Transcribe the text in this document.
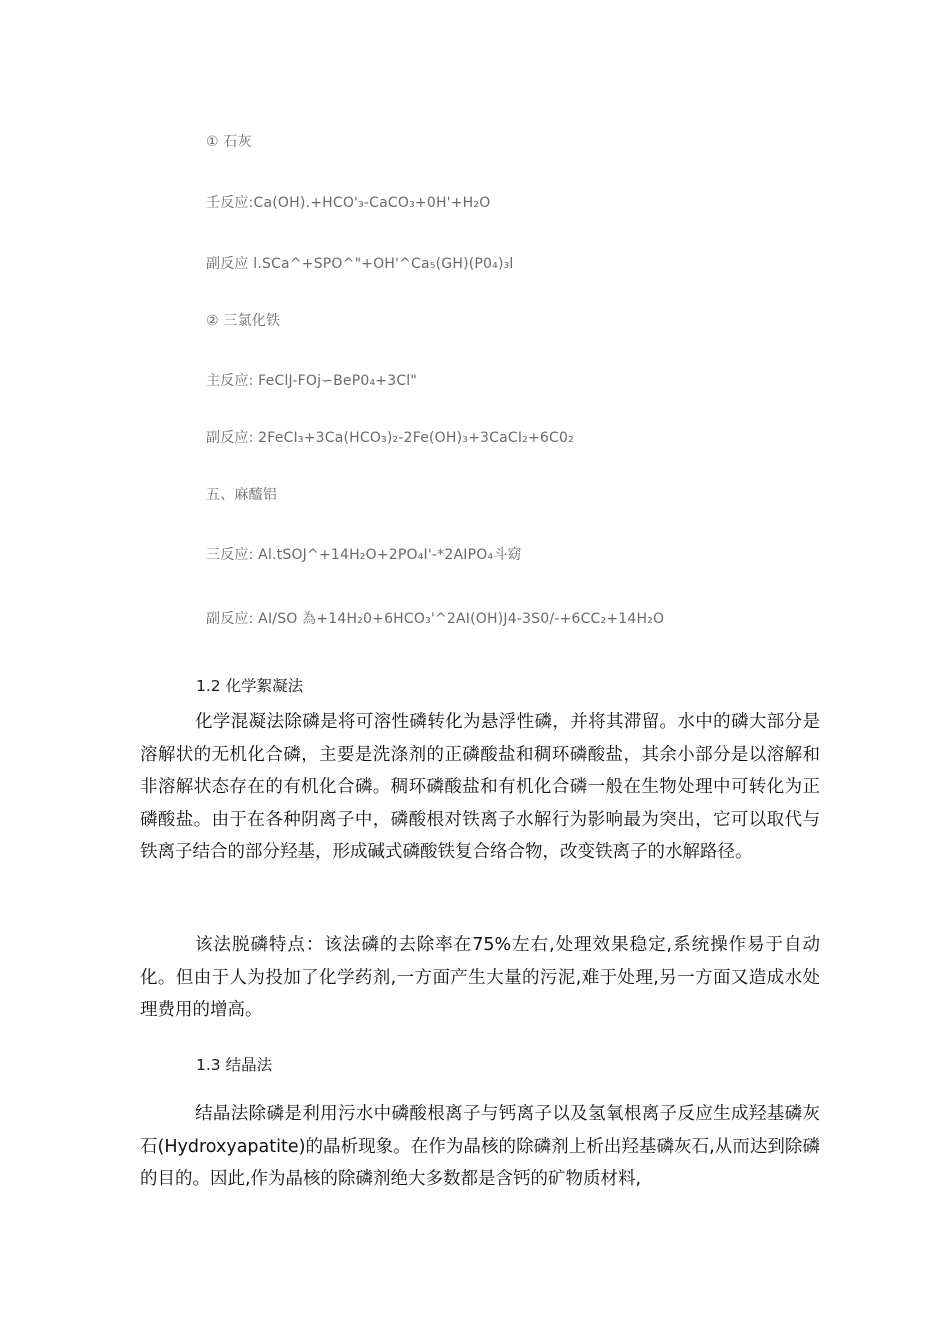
① 石灰
壬反应:Ca(OH).+HCO'₃-CaCO₃+0H'+H₂O
副反应 l.SCa^+SPO^"+OH'^Ca₅(GH)(P0₄)₃l
② 三氯化铁
主反应: FeClJ-FOj∽BeP0₄+3Cl"
副反应: 2FeCI₃+3Ca(HCO₃)₂-2Fe(OH)₃+3CaCI₂+6C0₂
五、麻醯铝
三反应: Al.tSOJ^+14H₂O+2PO₄Ⅰ'-*2AIPO₄斗窈
副反应: AI/SO 為+14H₂0+6HCO₃'^2AI(OH)J4-3S0/-+6CC₂+14H₂O
1.2 化学絮凝法

化学混凝法除磷是将可溶性磷转化为悬浮性磷，并将其滞留。水中的磷大部分是溶解状的无机化合磷，主要是洗涤剂的正磷酸盐和稠环磷酸盐，其余小部分是以溶解和非溶解状态存在的有机化合磷。稠环磷酸盐和有机化合磷一般在生物处理中可转化为正磷酸盐。由于在各种阴离子中，磷酸根对铁离子水解行为影响最为突出，它可以取代与铁离子结合的部分羟基，形成碱式磷酸铁复合络合物，改变铁离子的水解路径。

该法脱磷特点：该法磷的去除率在75%左右,处理效果稳定,系统操作易于自动化。但由于人为投加了化学药剂,一方面产生大量的污泥,难于处理,另一方面又造成水处理费用的增高。

1.3 结晶法

结晶法除磷是利用污水中磷酸根离子与钙离子以及氢氧根离子反应生成羟基磷灰石(Hydroxyapatite)的晶析现象。在作为晶核的除磷剂上析出羟基磷灰石,从而达到除磷的目的。因此,作为晶核的除磷剂绝大多数都是含钙的矿物质材料,
